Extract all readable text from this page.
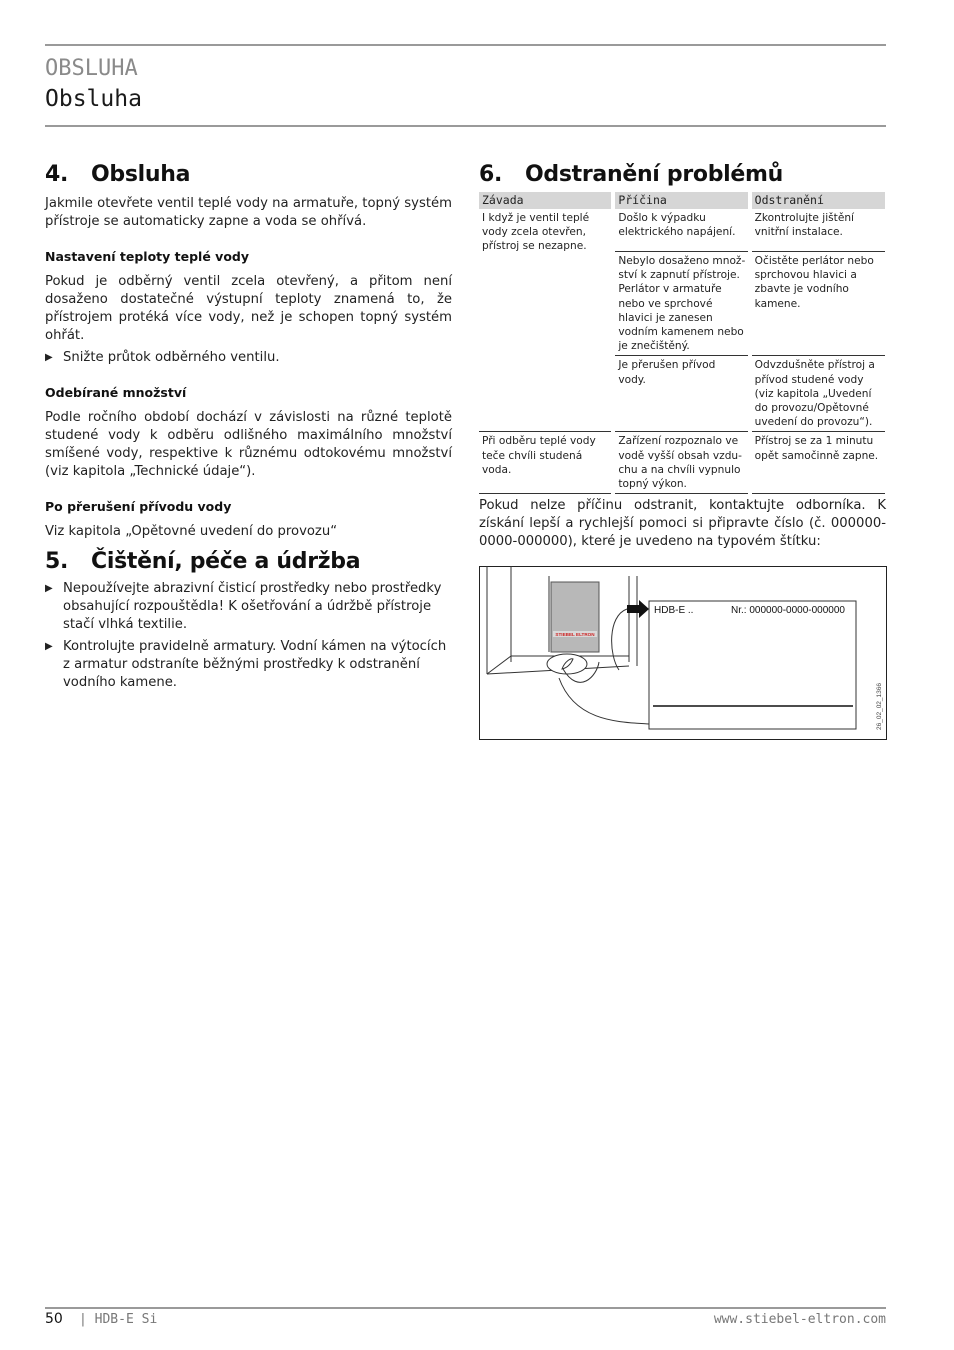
OBSLUHA
Obsluha
4. Obsluha

Jakmile otevřete ventil teplé vody na armatuře, topný systém přístroje se automaticky zapne a voda se ohřívá.

Nastavení teploty teplé vody

Pokud je odběrný ventil zcela otevřený, a přitom není dosaženo dostatečné výstupní teploty znamená to, že přístrojem protéká více vody, než je schopen topný systém ohřát.

▶ Snižte průtok odběrného ventilu.
Odebírané množství

Podle ročního období dochází v závislosti na různé teplotě studené vody k odběru odlišného maximálního množství smíšené vody, respektive k různému odtokovému množství (viz kapitola „Technické údaje“).

Po přerušení přívodu vody

Viz kapitola „Opětovné uvedení do provozu“

5. Čištění, péče a údržba
▶ Nepoužívejte abrazivní čisticí prostředky nebo prostředky obsahující rozpouštědla! K ošetřování a údržbě přístroje stačí vlhká textilie.
▶ Kontrolujte pravidelně armatury. Vodní kámen na výtocích z armatur odstraníte běžnými prostředky k odstranění vodního kamene.
6. Odstranění problémů
Závada		Příčina		Odstranění
I když je ventil teplé vody zcela otevřen, přístroj se nezapne.		Došlo k výpadku elektrického napájení.		Zkontrolujte jištění vnitřní instalace.
		Nebylo dosaženo množství k zapnutí přístroje. Perlátor v armatuře nebo ve sprchové hlavici je zanesen vodním kamenem nebo je znečištěný.		Očistěte perlátor nebo sprchovou hlavici a zbavte je vodního kamene.
		Je přerušen přívod vody.		Odvzdušněte přístroj a přívod studené vody (viz kapitola „Uvedení do provozu/Opětovné uvedení do provozu“).
Při odběru teplé vody teče chvíli studená voda.		Zařízení rozpoznalo ve vodě vyšší obsah vzduchu a na chvíli vypnulo topný výkon.		Přístroj se za 1 minutu opět samočinně zapne.

Pokud nelze příčinu odstranit, kontaktujte odborníka. K získání lepší a rychlejší pomoci si připravte číslo (č. 000000-0000-000000), které je uvedeno na typovém štítku:

STIEBEL ELTRON
HDB-E ..	Nr.: 000000-0000-000000
26_02_02_1366
50 | HDB-E Si	www.stiebel-eltron.com
